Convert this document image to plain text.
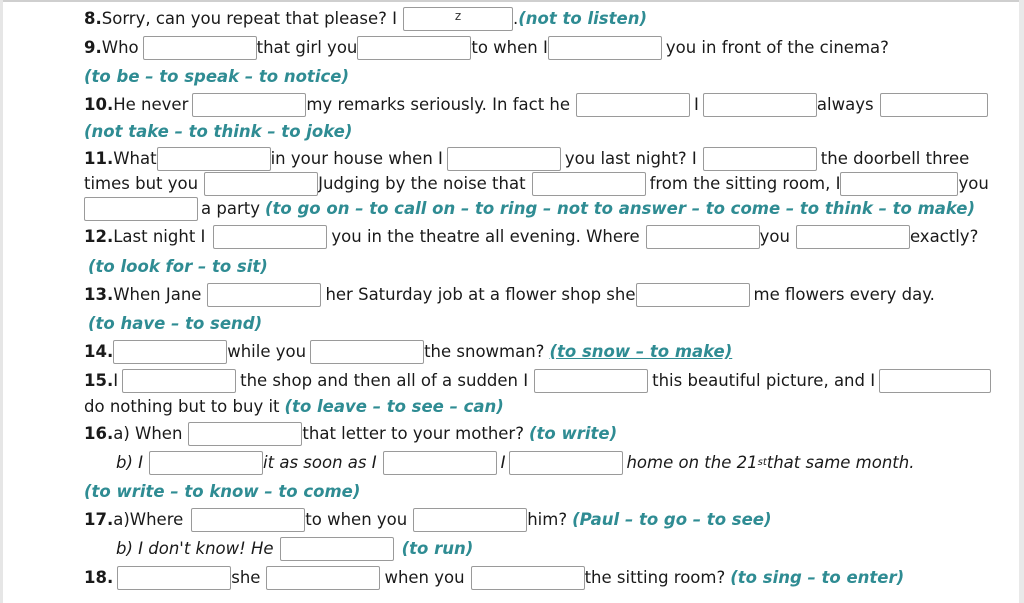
8. Sorry, can you repeat that please? I	z	. (not to listen)
9. Who	that girl you	to when I	you in front of the cinema?
(to be – to speak – to notice)
10. He never	my remarks seriously. In fact he	I	always
(not take – to think – to joke)
11. What	in your house when I	you last night? I	the doorbell three
times but you	Judging by the noise that	from the sitting room, I	you
a party (to go on – to call on – to ring – not to answer – to come – to think – to make)
12. Last night I	you in the theatre all evening. Where	you	exactly?
(to look for – to sit)
13. When Jane	her Saturday job at a flower shop she	me flowers every day.
(to have – to send)
14.	while you	the snowman? (to snow – to make)
15. I	the shop and then all of a sudden I	this beautiful picture, and I
do nothing but to buy it (to leave – to see – can)
16. a) When	that letter to your mother? (to write)
b) I	it as soon as I	I	home on the 21 st that same month.
(to write – to know – to come)
17. a)Where	to when you	him? (Paul – to go – to see)
b) I don't know! He	(to run)
18.	she	when you	the sitting room? (to sing – to enter)
